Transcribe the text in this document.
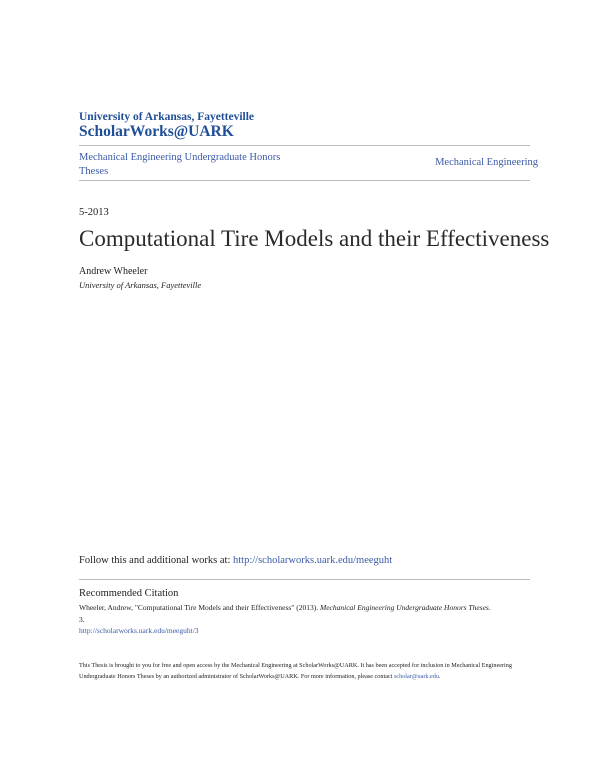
University of Arkansas, Fayetteville
ScholarWorks@UARK
Mechanical Engineering Undergraduate Honors
Theses
Mechanical Engineering
5-2013
Computational Tire Models and their Effectiveness
Andrew Wheeler
University of Arkansas, Fayetteville
Follow this and additional works at: http://scholarworks.uark.edu/meeguht
Recommended Citation
Wheeler, Andrew, "Computational Tire Models and their Effectiveness" (2013). Mechanical Engineering Undergraduate Honors Theses.
3.
http://scholarworks.uark.edu/meeguht/3
This Thesis is brought to you for free and open access by the Mechanical Engineering at ScholarWorks@UARK. It has been accepted for inclusion in Mechanical Engineering Undergraduate Honors Theses by an authorized administrator of ScholarWorks@UARK. For more information, please contact scholar@uark.edu.
